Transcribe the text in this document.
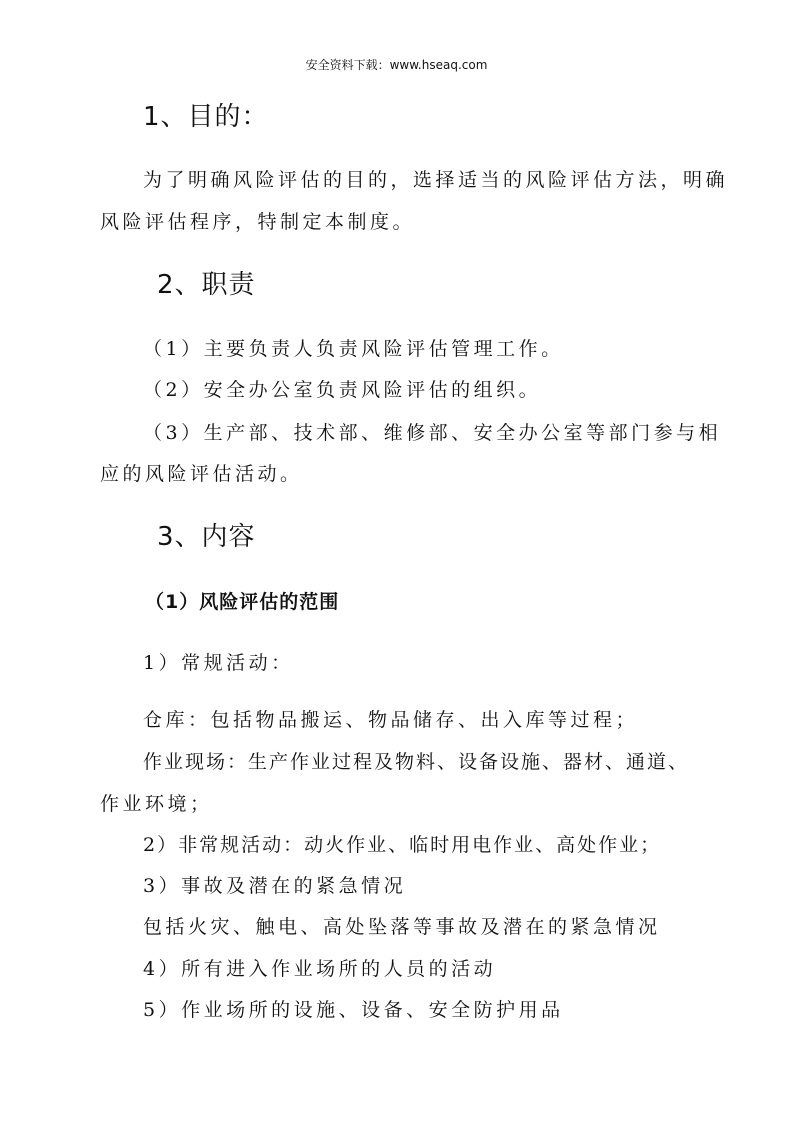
安全资料下载：www.hseaq.com
1、目的：
为了明确风险评估的目的，选择适当的风险评估方法，明确
风险评估程序，特制定本制度。
2、职责
（1）主要负责人负责风险评估管理工作。
（2）安全办公室负责风险评估的组织。
（3）生产部、技术部、维修部、安全办公室等部门参与相
应的风险评估活动。
3、内容
（1）风险评估的范围
1）常规活动：
仓库：包括物品搬运、物品储存、出入库等过程；
作业现场：生产作业过程及物料、设备设施、器材、通道、
作业环境；
2）非常规活动：动火作业、临时用电作业、高处作业；
3）事故及潜在的紧急情况
包括火灾、触电、高处坠落等事故及潜在的紧急情况
4）所有进入作业场所的人员的活动
5）作业场所的设施、设备、安全防护用品
